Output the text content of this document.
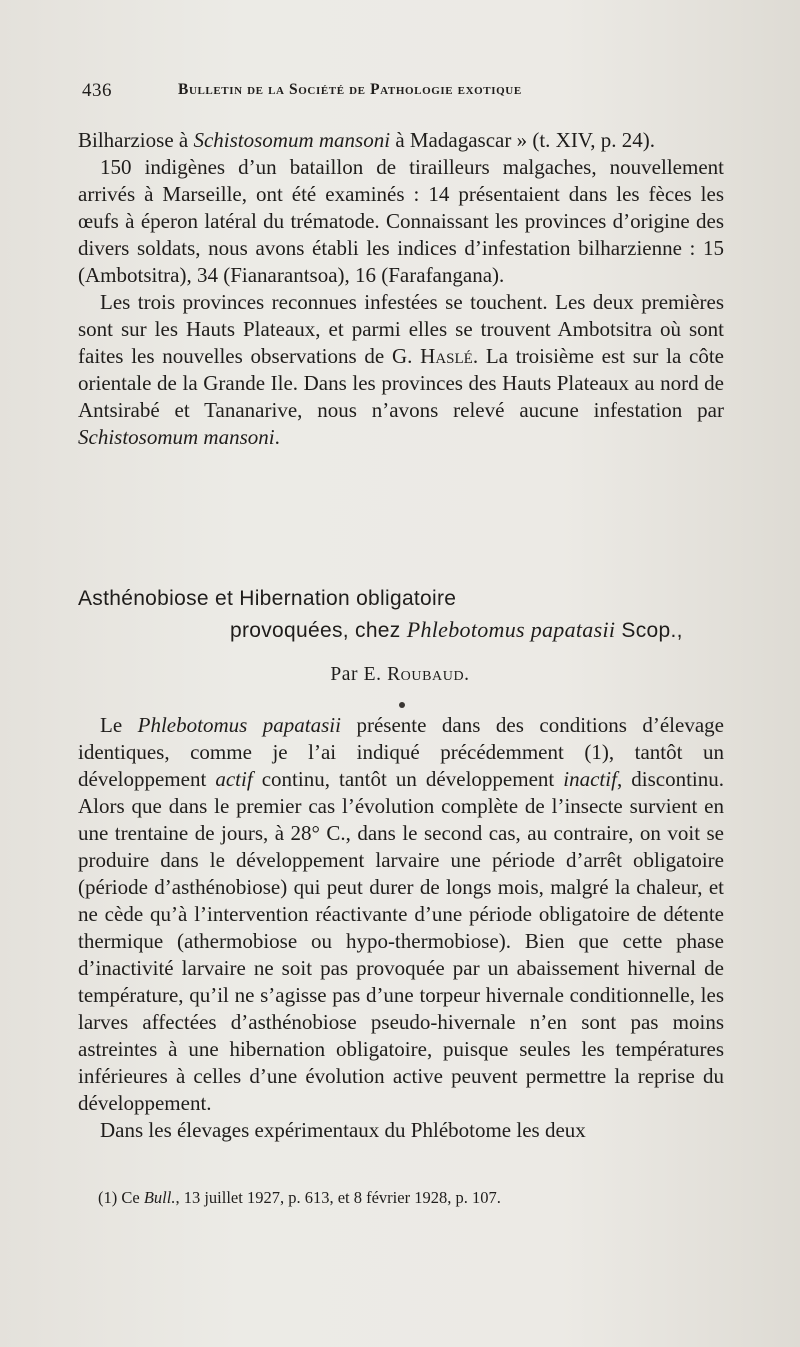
436	Bulletin de la Société de Pathologie exotique

Bilharziose à Schistosomum mansoni à Madagascar » (t. XIV, p. 24).

150 indigènes d’un bataillon de tirailleurs malgaches, nouvellement arrivés à Marseille, ont été examinés : 14 présentaient dans les fèces les œufs à éperon latéral du trématode. Connaissant les provinces d’origine des divers soldats, nous avons établi les indices d’infestation bilharzienne : 15 (Ambotsitra), 34 (Fianarantsoa), 16 (Farafangana).

Les trois provinces reconnues infestées se touchent. Les deux premières sont sur les Hauts Plateaux, et parmi elles se trouvent Ambotsitra où sont faites les nouvelles observations de G. Haslé. La troisième est sur la côte orientale de la Grande Ile. Dans les provinces des Hauts Plateaux au nord de Antsirabé et Tananarive, nous n’avons relevé aucune infestation par Schistosomum mansoni.

Asthénobiose et Hibernation obligatoire
provoquées, chez Phlebotomus papatasii Scop.,
Par E. Roubaud.

Le Phlebotomus papatasii présente dans des conditions d’élevage identiques, comme je l’ai indiqué précédemment (1), tantôt un développement actif continu, tantôt un développement inactif, discontinu. Alors que dans le premier cas l’évolution complète de l’insecte survient en une trentaine de jours, à 28° C., dans le second cas, au contraire, on voit se produire dans le développement larvaire une période d’arrêt obligatoire (période d’asthénobiose) qui peut durer de longs mois, malgré la chaleur, et ne cède qu’à l’intervention réactivante d’une période obligatoire de détente thermique (athermobiose ou hypo-thermobiose). Bien que cette phase d’inactivité larvaire ne soit pas provoquée par un abaissement hivernal de température, qu’il ne s’agisse pas d’une torpeur hivernale conditionnelle, les larves affectées d’asthénobiose pseudo-hivernale n’en sont pas moins astreintes à une hibernation obligatoire, puisque seules les températures inférieures à celles d’une évolution active peuvent permettre la reprise du développement.

Dans les élevages expérimentaux du Phlébotome les deux

(1) Ce Bull., 13 juillet 1927, p. 613, et 8 février 1928, p. 107.
